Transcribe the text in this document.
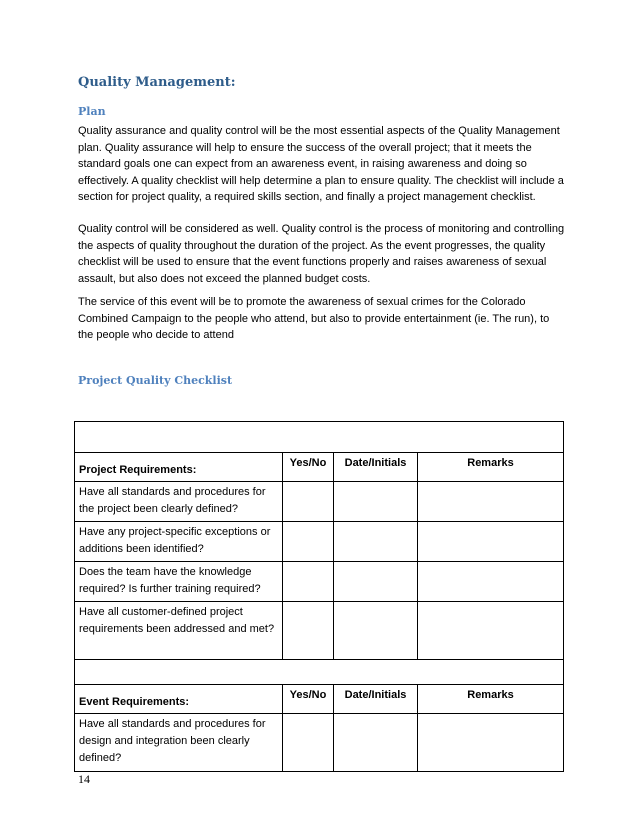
Quality Management:
Plan

Quality assurance and quality control will be the most essential aspects of the Quality Management plan. Quality assurance will help to ensure the success of the overall project; that it meets the standard goals one can expect from an awareness event, in raising awareness and doing so effectively. A quality checklist will help determine a plan to ensure quality. The checklist will include a section for project quality, a required skills section, and finally a project management checklist.

Quality control will be considered as well. Quality control is the process of monitoring and controlling the aspects of quality throughout the duration of the project. As the event progresses, the quality checklist will be used to ensure that the event functions properly and raises awareness of sexual assault, but also does not exceed the planned budget costs.

The service of this event will be to promote the awareness of sexual crimes for the Colorado Combined Campaign to the people who attend, but also to provide entertainment (ie. The run), to the people who decide to attend

Project Quality Checklist

Project Requirements:	Yes/No	Date/Initials	Remarks
Have all standards and procedures for the project been clearly defined?			
Have any project-specific exceptions or additions been identified?			
Does the team have the knowledge required? Is further training required?			
Have all customer-defined project requirements been addressed and met?			

Event Requirements:	Yes/No	Date/Initials	Remarks
Have all standards and procedures for design and integration been clearly defined?			
14
